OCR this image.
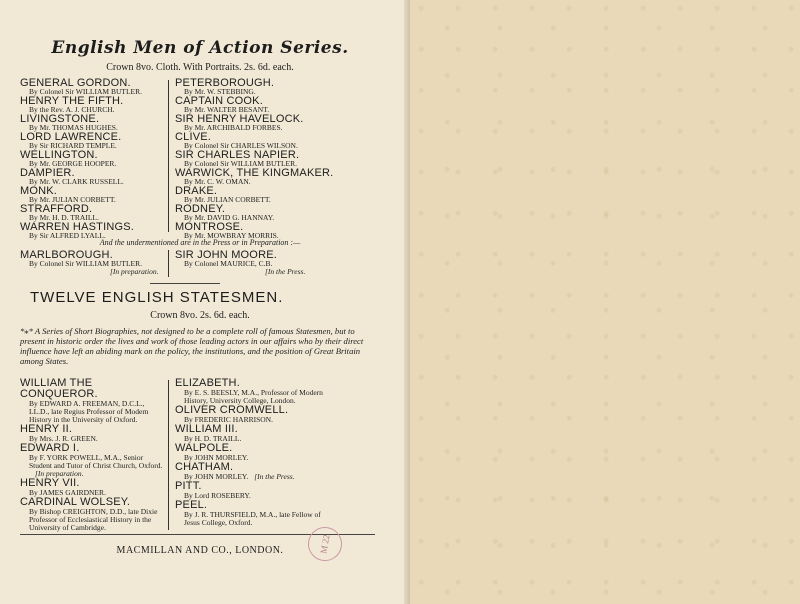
English Men of Action Series.
Crown 8vo. Cloth. With Portraits. 2s. 6d. each.
GENERAL GORDON.
By Colonel Sir WILLIAM BUTLER.
HENRY THE FIFTH.
By the Rev. A. J. CHURCH.
LIVINGSTONE.
By Mr. THOMAS HUGHES.
LORD LAWRENCE.
By Sir RICHARD TEMPLE.
WELLINGTON.
By Mr. GEORGE HOOPER.
DAMPIER.
By Mr. W. CLARK RUSSELL.
MONK.
By Mr. JULIAN CORBETT.
STRAFFORD.
By Mr. H. D. TRAILL.
WARREN HASTINGS.
By Sir ALFRED LYALL.
PETERBOROUGH.
By Mr. W. STEBBING.
CAPTAIN COOK.
By Mr. WALTER BESANT.
SIR HENRY HAVELOCK.
By Mr. ARCHIBALD FORBES.
CLIVE.
By Colonel Sir CHARLES WILSON.
SIR CHARLES NAPIER.
By Colonel Sir WILLIAM BUTLER.
WARWICK, THE KINGMAKER.
By Mr. C. W. OMAN.
DRAKE.
By Mr. JULIAN CORBETT.
RODNEY.
By Mr. DAVID G. HANNAY.
MONTROSE.
By Mr. MOWBRAY MORRIS.
And the undermentioned are in the Press or in Preparation :—
MARLBOROUGH.
By Colonel Sir WILLIAM BUTLER.
[In preparation.
SIR JOHN MOORE.
By Colonel MAURICE, C.B.
[In the Press.
TWELVE ENGLISH STATESMEN.
Crown 8vo. 2s. 6d. each.
*⁎* A Series of Short Biographies, not designed to be a complete roll of famous Statesmen, but to present in historic order the lives and work of those leading actors in our affairs who by their direct influence have left an abiding mark on the policy, the institutions, and the position of Great Britain among States.
WILLIAM THE CONQUEROR.
By EDWARD A. FREEMAN, D.C.L., LL.D., late Regius Professor of Modern History in the University of Oxford.
HENRY II.
By Mrs. J. R. GREEN.
EDWARD I.
By F. YORK POWELL, M.A., Senior Student and Tutor of Christ Church, Oxford.[In preparation.
HENRY VII.
By JAMES GAIRDNER.
CARDINAL WOLSEY.
By Bishop CREIGHTON, D.D., late Dixie Professor of Ecclesiastical History in the University of Cambridge.
ELIZABETH.
By E. S. BEESLY, M.A., Professor of Modern History, University College, London.
OLIVER CROMWELL.
By FREDERIC HARRISON.
WILLIAM III.
By H. D. TRAILL.
WALPOLE.
By JOHN MORLEY.
CHATHAM.
By JOHN MORLEY. [In the Press.
PITT.
By Lord ROSEBERY.
PEEL.
By J. R. THURSFIELD, M.A., late Fellow of Jesus College, Oxford.
MACMILLAN AND CO., LONDON.	M 22
